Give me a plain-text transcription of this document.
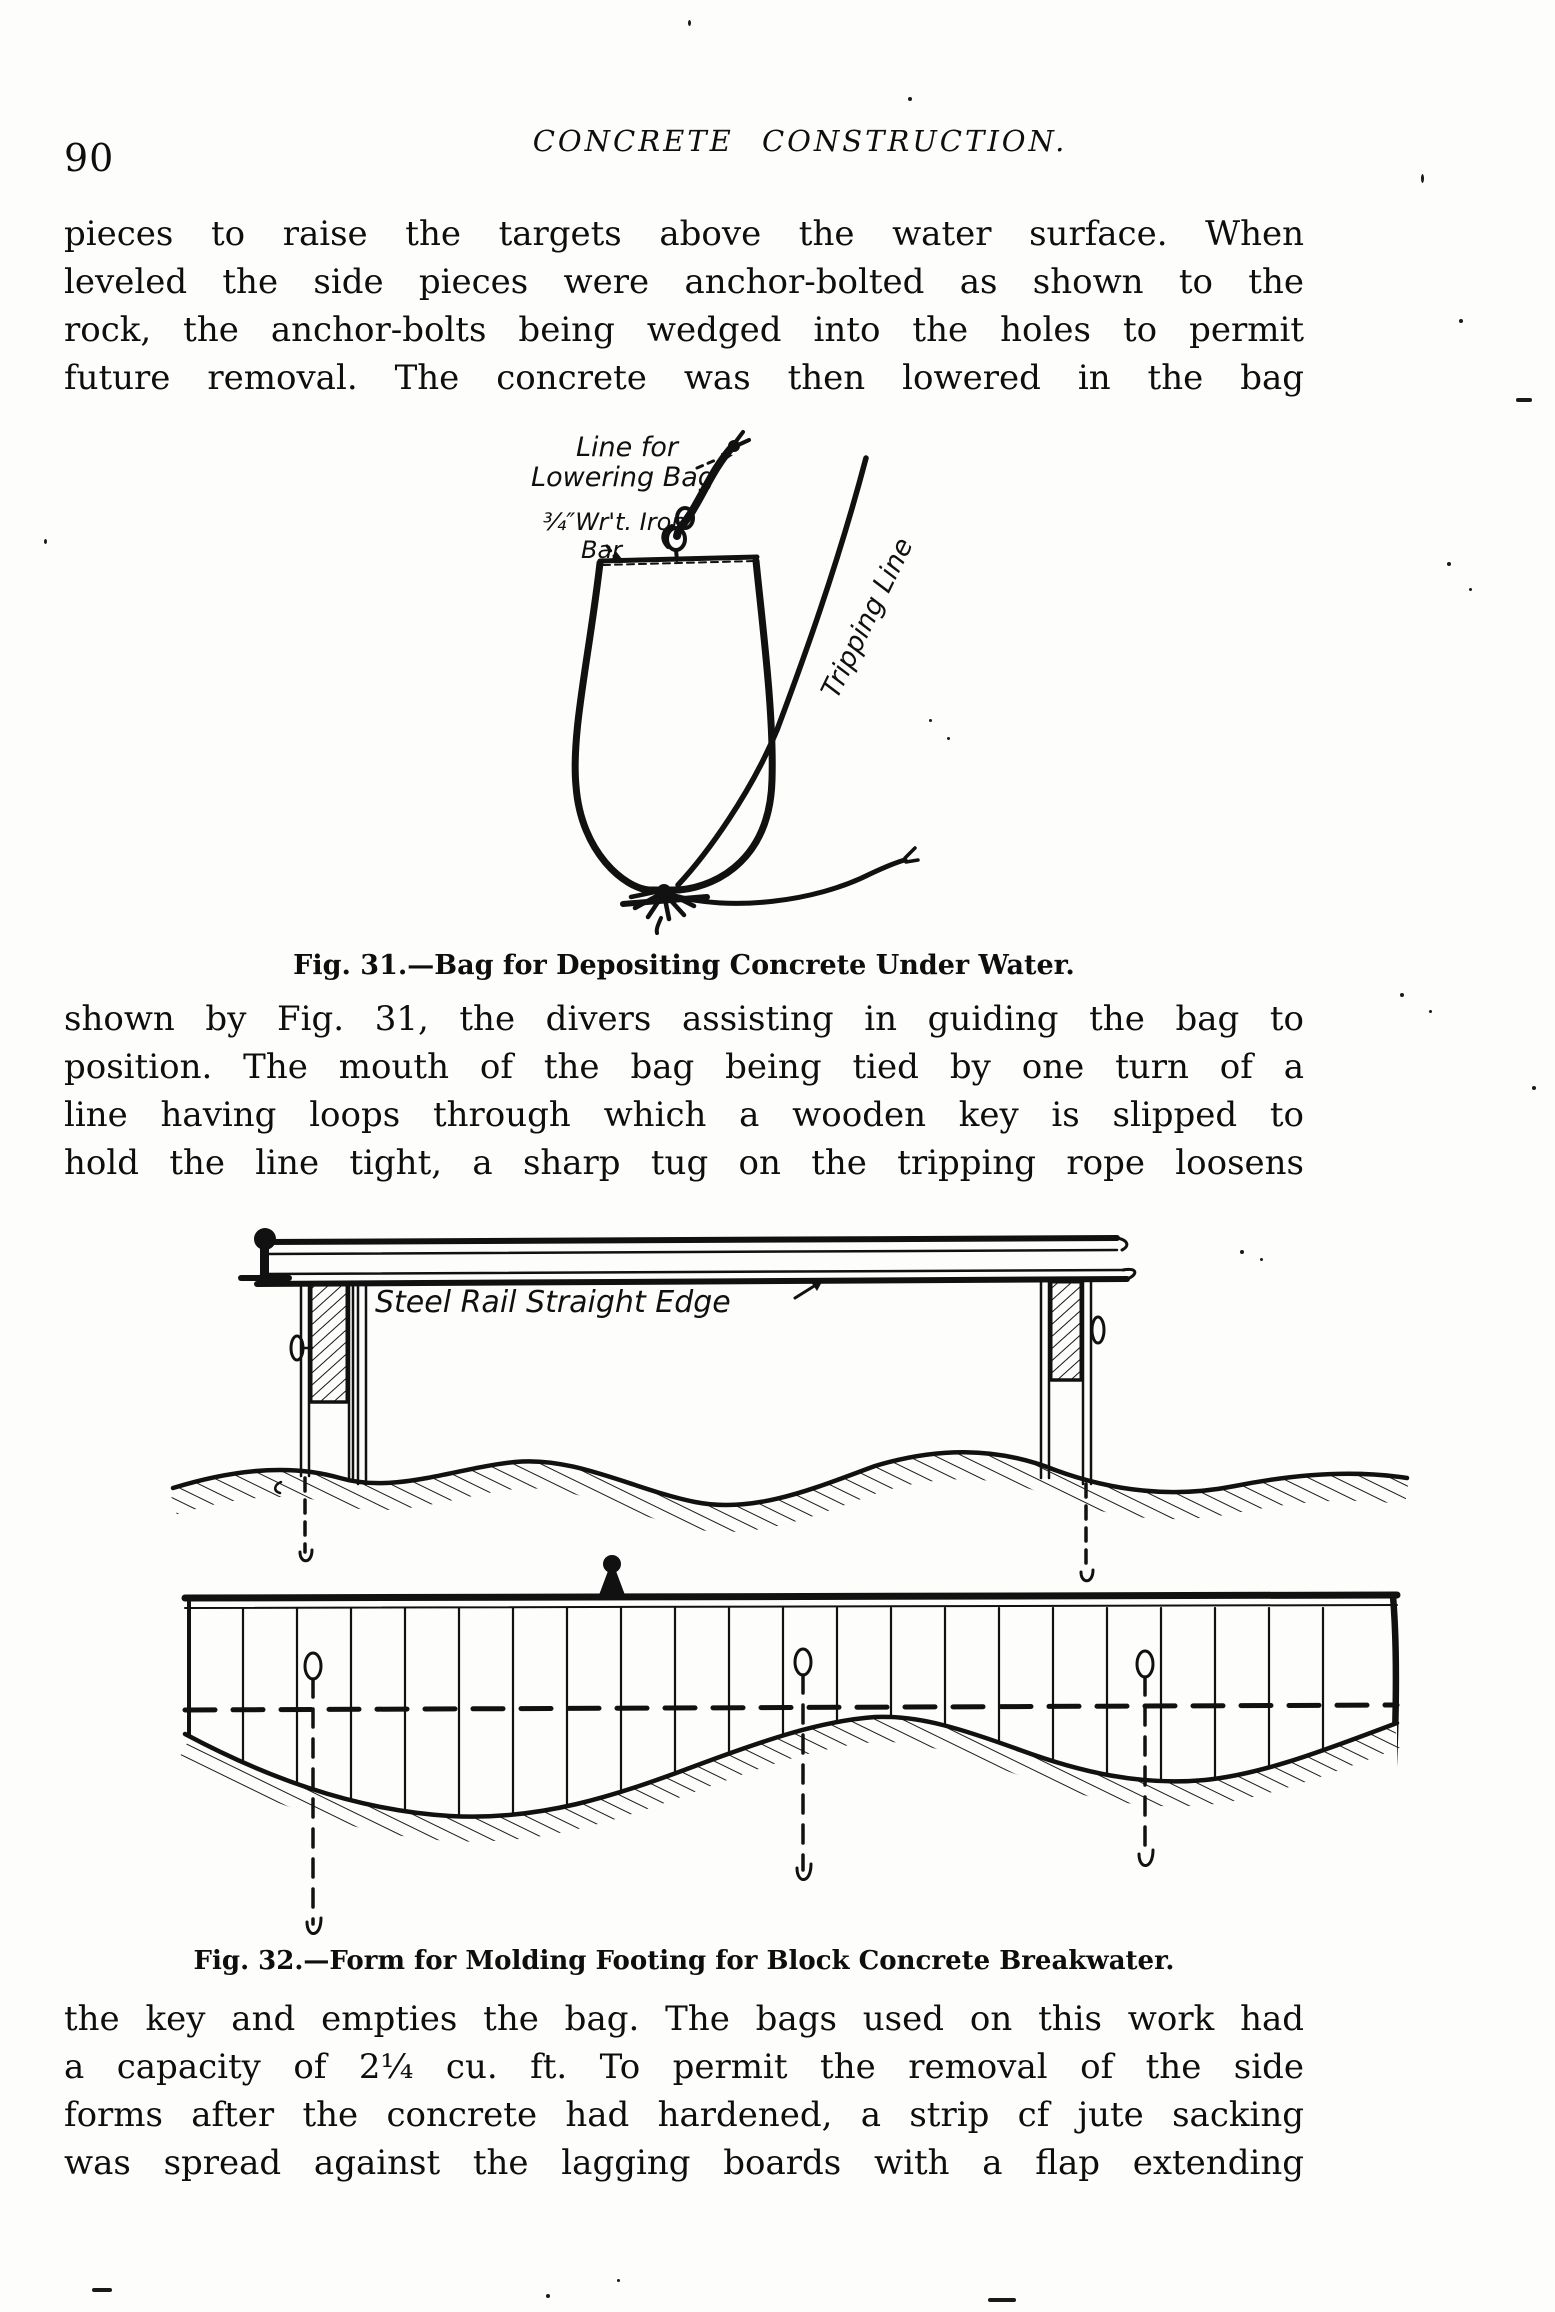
90	CONCRETE CONSTRUCTION.
pieces to raise the targets above the water surface. When
leveled the side pieces were anchor-bolted as shown to the
rock, the anchor-bolts being wedged into the holes to permit
future removal. The concrete was then lowered in the bag
Line for
Lowering Bag
¾″Wr't. Iron
Bar	Tripping Line
Fig. 31.—Bag for Depositing Concrete Under Water.
shown by Fig. 31, the divers assisting in guiding the bag to
position. The mouth of the bag being tied by one turn of a
line having loops through which a wooden key is slipped to
hold the line tight, a sharp tug on the tripping rope loosens
Steel Rail Straight Edge
Fig. 32.—Form for Molding Footing for Block Concrete Breakwater.
the key and empties the bag. The bags used on this work had
a capacity of 2¼ cu. ft. To permit the removal of the side
forms after the concrete had hardened, a strip cf jute sacking
was spread against the lagging boards with a flap extending
